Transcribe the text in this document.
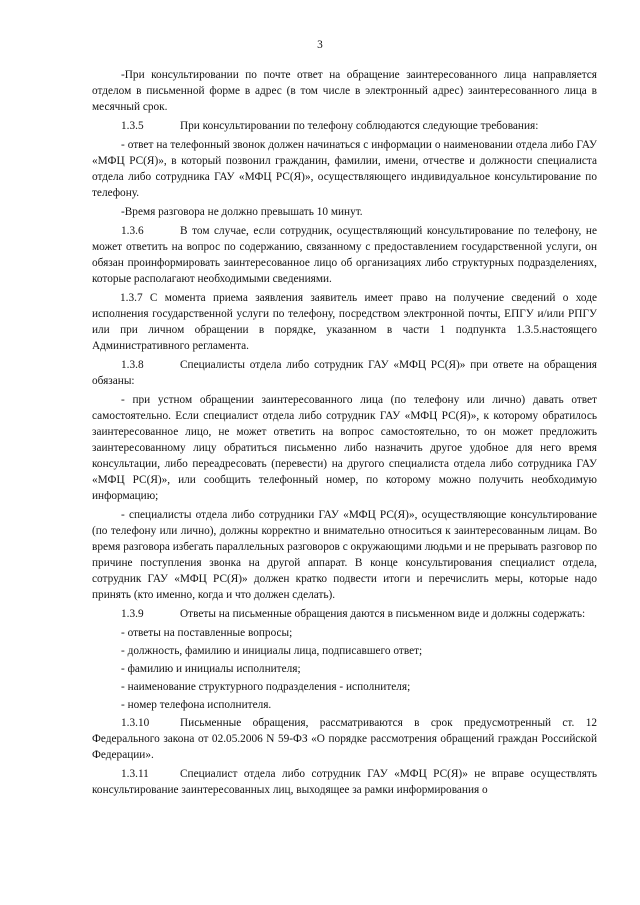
3

-При консультировании по почте ответ на обращение заинтересованного лица направляется отделом в письменной форме в адрес (в том числе в электронный адрес) заинтересованного лица в месячный срок.

1.3.5	При консультировании по телефону соблюдаются следующие требования:

- ответ на телефонный звонок должен начинаться с информации о наименовании отдела либо ГАУ «МФЦ РС(Я)», в который позвонил гражданин, фамилии, имени, отчестве и должности специалиста отдела либо сотрудника ГАУ «МФЦ РС(Я)», осуществляющего индивидуальное консультирование по телефону.

-Время разговора не должно превышать 10 минут.

1.3.6	В том случае, если сотрудник, осуществляющий консультирование по телефону, не может ответить на вопрос по содержанию, связанному с предоставлением государственной услуги, он обязан проинформировать заинтересованное лицо об организациях либо структурных подразделениях, которые располагают необходимыми сведениями.

1.3.7 С момента приема заявления заявитель имеет право на получение сведений о ходе исполнения государственной услуги по телефону, посредством электронной почты, ЕПГУ и/или РПГУ или при личном обращении в порядке, указанном в части 1 подпункта 1.3.5.настоящего Административного регламента.

1.3.8	Специалисты отдела либо сотрудник ГАУ «МФЦ РС(Я)» при ответе на обращения обязаны:

- при устном обращении заинтересованного лица (по телефону или лично) давать ответ самостоятельно. Если специалист отдела либо сотрудник ГАУ «МФЦ РС(Я)», к которому обратилось заинтересованное лицо, не может ответить на вопрос самостоятельно, то он может предложить заинтересованному лицу обратиться письменно либо назначить другое удобное для него время консультации, либо переадресовать (перевести) на другого специалиста отдела либо сотрудника ГАУ «МФЦ РС(Я)», или сообщить телефонный номер, по которому можно получить необходимую информацию;

- специалисты отдела либо сотрудники ГАУ «МФЦ РС(Я)», осуществляющие консультирование (по телефону или лично), должны корректно и внимательно относиться к заинтересованным лицам. Во время разговора избегать параллельных разговоров с окружающими людьми и не прерывать разговор по причине поступления звонка на другой аппарат. В конце консультирования специалист отдела, сотрудник ГАУ «МФЦ РС(Я)» должен кратко подвести итоги и перечислить меры, которые надо принять (кто именно, когда и что должен сделать).

1.3.9	Ответы на письменные обращения даются в письменном виде и должны содержать:

- ответы на поставленные вопросы;

- должность, фамилию и инициалы лица, подписавшего ответ;

- фамилию и инициалы исполнителя;

- наименование структурного подразделения - исполнителя;

- номер телефона исполнителя.

1.3.10	Письменные обращения, рассматриваются в срок предусмотренный ст. 12 Федерального закона от 02.05.2006 N 59-ФЗ «О порядке рассмотрения обращений граждан Российской Федерации».

1.3.11	Специалист отдела либо сотрудник ГАУ «МФЦ РС(Я)» не вправе осуществлять консультирование заинтересованных лиц, выходящее за рамки информирования о
